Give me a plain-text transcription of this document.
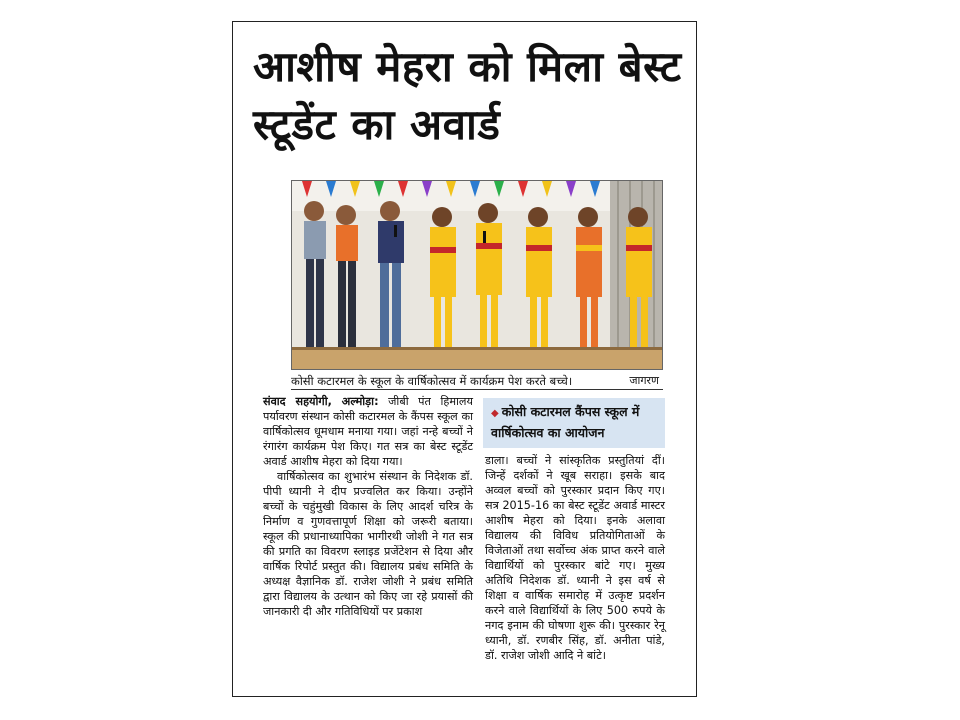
आशीष मेहरा को मिला बेस्ट स्टूडेंट का अवार्ड
कोसी कटारमल के स्कूल के वार्षिकोत्सव में कार्यक्रम पेश करते बच्चे।	जागरण

संवाद सहयोगी, अल्मोड़ा: जीबी पंत हिमालय पर्यावरण संस्थान कोसी कटारमल के कैंपस स्कूल का वार्षिकोत्सव धूमधाम मनाया गया। जहां नन्हे बच्चों ने रंगारंग कार्यक्रम पेश किए। गत सत्र का बेस्ट स्टूडेंट अवार्ड आशीष मेहरा को दिया गया।

वार्षिकोत्सव का शुभारंभ संस्थान के निदेशक डॉ. पीपी ध्यानी ने दीप प्रज्वलित कर किया। उन्होंने बच्चों के चहुंमुखी विकास के लिए आदर्श चरित्र के निर्माण व गुणवत्तापूर्ण शिक्षा को जरूरी बताया। स्कूल की प्रधानाध्यापिका भागीरथी जोशी ने गत सत्र की प्रगति का विवरण स्लाइड प्रजेंटेशन से दिया और वार्षिक रिपोर्ट प्रस्तुत की। विद्यालय प्रबंध समिति के अध्यक्ष वैज्ञानिक डॉ. राजेश जोशी ने प्रबंध समिति द्वारा विद्यालय के उत्थान को किए जा रहे प्रयासों की जानकारी दी और गतिविधियों पर प्रकाश

◆ कोसी कटारमल कैंपस स्कूल में वार्षिकोत्सव का आयोजन

डाला। बच्चों ने सांस्कृतिक प्रस्तुतियां दीं। जिन्हें दर्शकों ने खूब सराहा। इसके बाद अव्वल बच्चों को पुरस्कार प्रदान किए गए। सत्र 2015-16 का बेस्ट स्टूडेंट अवार्ड मास्टर आशीष मेहरा को दिया। इनके अलावा विद्यालय की विविध प्रतियोगिताओं के विजेताओं तथा सर्वोच्च अंक प्राप्त करने वाले विद्यार्थियों को पुरस्कार बांटे गए। मुख्य अतिथि निदेशक डॉ. ध्यानी ने इस वर्ष से शिक्षा व वार्षिक समारोह में उत्कृष्ट प्रदर्शन करने वाले विद्यार्थियों के लिए 500 रुपये के नगद इनाम की घोषणा शुरू की। पुरस्कार रेनू ध्यानी, डॉ. रणबीर सिंह, डॉ. अनीता पांडे, डॉ. राजेश जोशी आदि ने बांटे।
